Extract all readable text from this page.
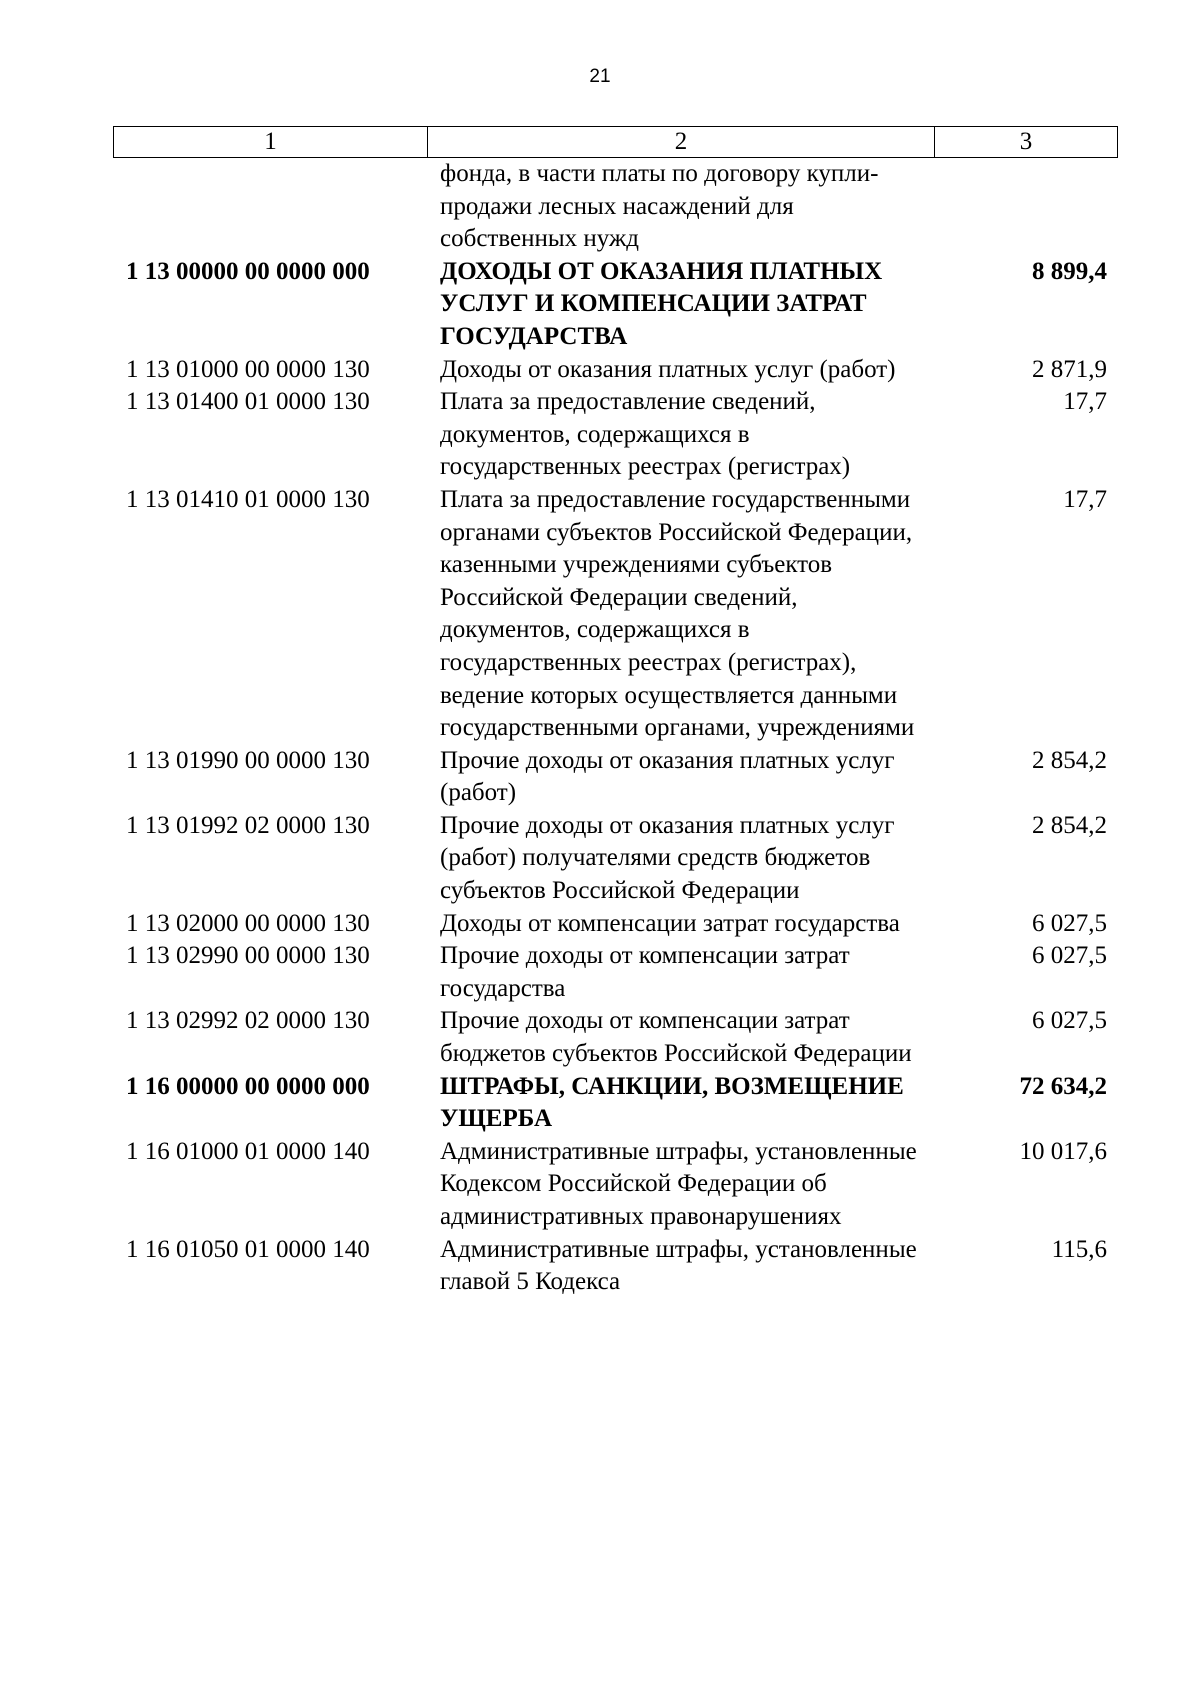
21
1	2	3
	фонда, в части платы по договору купли-продажи лесных насаждений для собственных нужд	
1 13 00000 00 0000 000	ДОХОДЫ ОТ ОКАЗАНИЯ ПЛАТНЫХ УСЛУГ И КОМПЕНСАЦИИ ЗАТРАТ ГОСУДАРСТВА	8 899,4
1 13 01000 00 0000 130	Доходы от оказания платных услуг (работ)	2 871,9
1 13 01400 01 0000 130	Плата за предоставление сведений, документов, содержащихся в государственных реестрах (регистрах)	17,7
1 13 01410 01 0000 130	Плата за предоставление государственными органами субъектов Российской Федерации, казенными учреждениями субъектов Российской Федерации сведений, документов, содержащихся в государственных реестрах (регистрах), ведение которых осуществляется данными государственными органами, учреждениями	17,7
1 13 01990 00 0000 130	Прочие доходы от оказания платных услуг (работ)	2 854,2
1 13 01992 02 0000 130	Прочие доходы от оказания платных услуг (работ) получателями средств бюджетов субъектов Российской Федерации	2 854,2
1 13 02000 00 0000 130	Доходы от компенсации затрат государства	6 027,5
1 13 02990 00 0000 130	Прочие доходы от компенсации затрат государства	6 027,5
1 13 02992 02 0000 130	Прочие доходы от компенсации затрат бюджетов субъектов Российской Федерации	6 027,5
1 16 00000 00 0000 000	ШТРАФЫ, САНКЦИИ, ВОЗМЕЩЕНИЕ УЩЕРБА	72 634,2
1 16 01000 01 0000 140	Административные штрафы, установленные Кодексом Российской Федерации об административных правонарушениях	10 017,6
1 16 01050 01 0000 140	Административные штрафы, установленные главой 5 Кодекса	115,6
